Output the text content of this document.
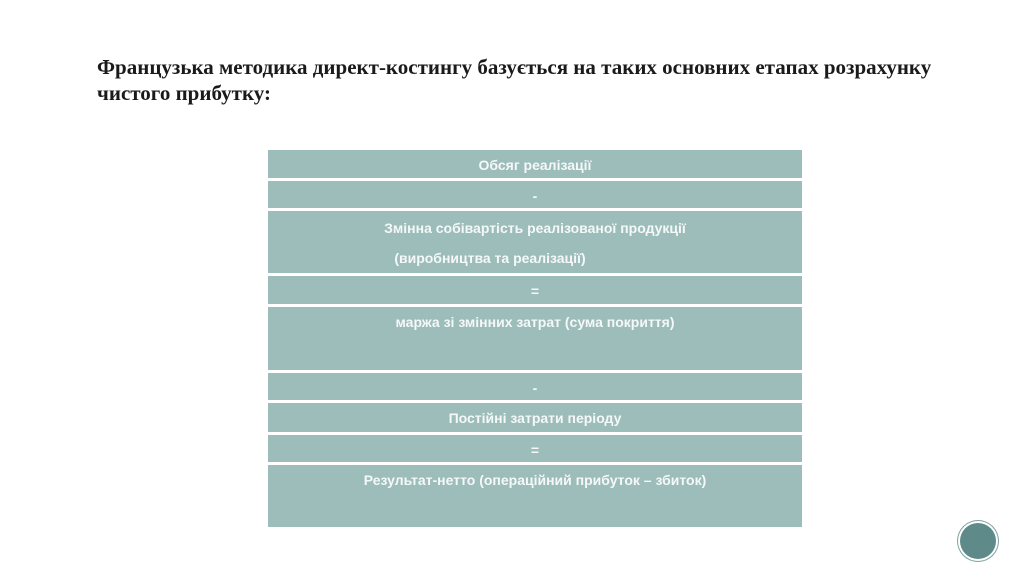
Французька методика директ-костингу базується на таких основних етапах розрахунку чистого прибутку:
Обсяг реалізації
-
Змінна собівартість реалізованої продукції
(виробництва та реалізації)
=
маржа зі змінних затрат (сума покриття)
-
Постійні затрати періоду
=
Результат-нетто (операційний прибуток – збиток)
